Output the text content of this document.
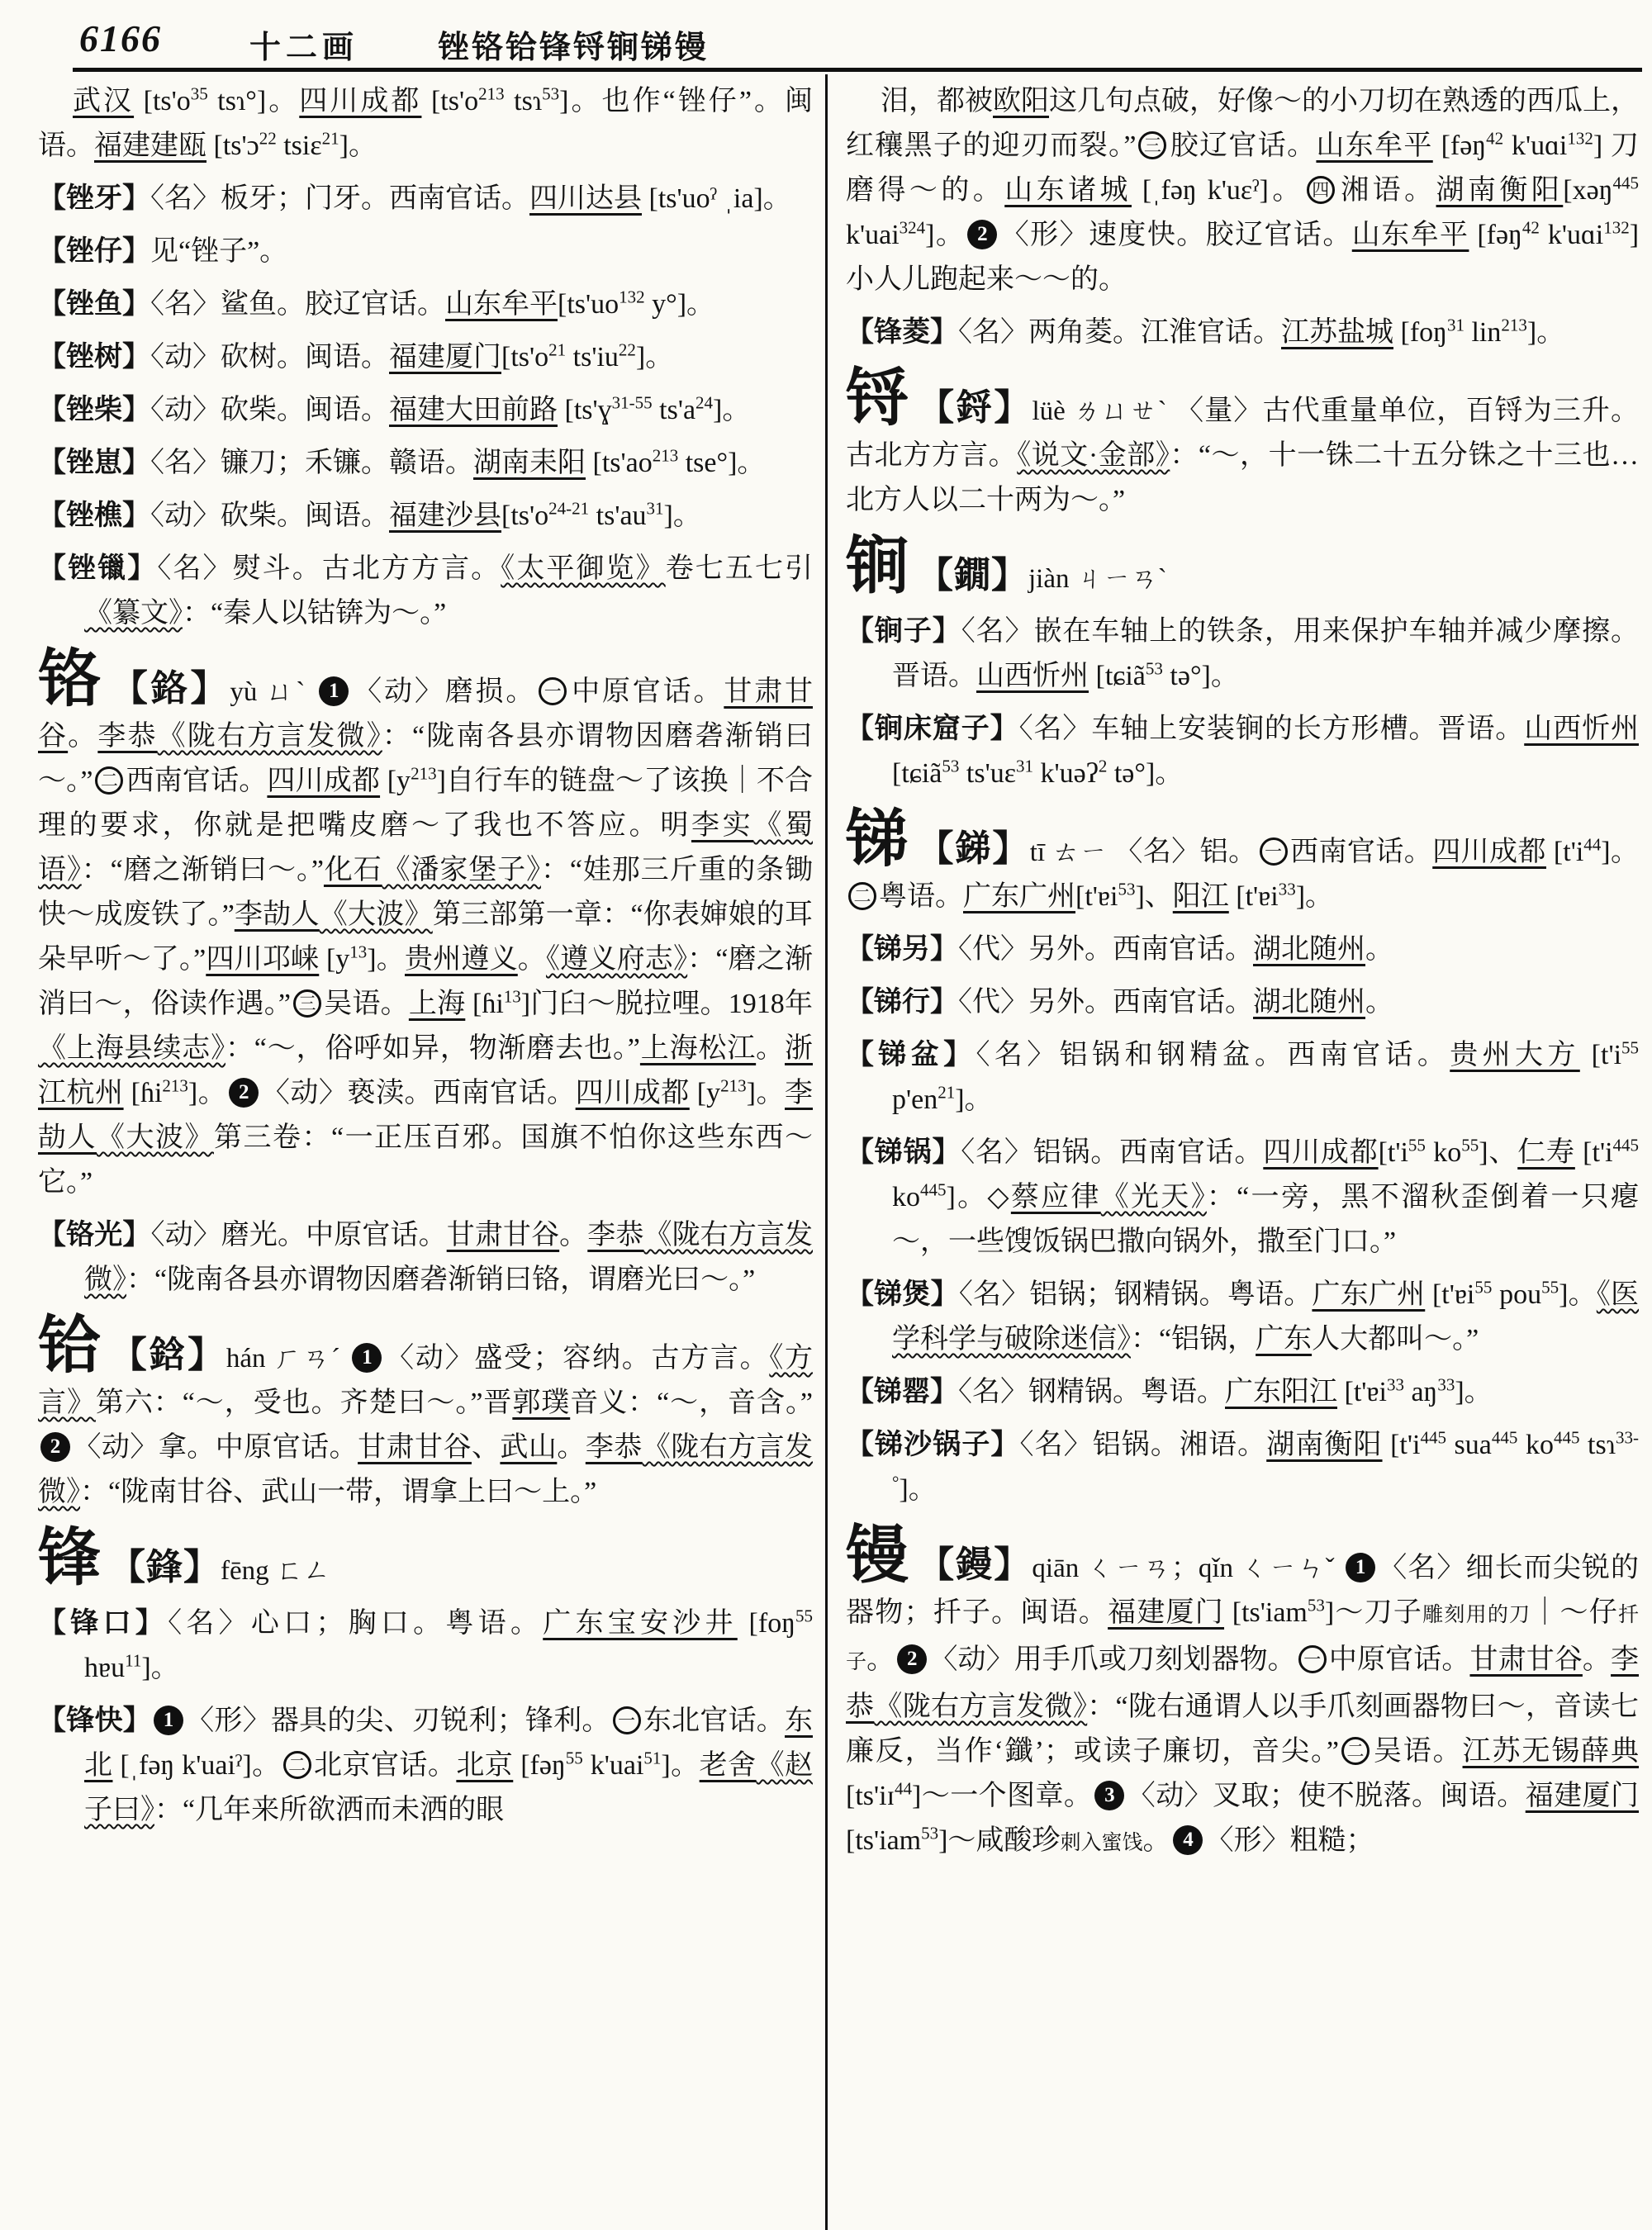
6166	十二画	锉铬铪锋锊锏锑镘

武汉 [$ts'o^{35}$ tsɿ°]。四川成都 [$ts'o^{213}$ tsɿ$^{53}$]。也作“锉仔”。闽语。福建建瓯 [ts'ɔ$^{22}$ tsiɛ$^{21}$]。

【锉牙】〈名〉板牙；门牙。西南官话。四川达县 [ts'uoˀ ˌia]。

【锉仔】见“锉子”。

【锉鱼】〈名〉鲨鱼。胶辽官话。山东牟平[$ts'uo^{132}$ y°]。

【锉树】〈动〉砍树。闽语。福建厦门[$ts'o^{21}$ $ts'iu^{22}$]。

【锉柴】〈动〉砍柴。闽语。福建大田前路 [ts'ɣ$^{31-55}$ $ts'a^{24}$]。

【锉崽】〈名〉镰刀；禾镰。赣语。湖南耒阳 [$ts'ao^{213}$ tse°]。

【锉樵】〈动〉砍柴。闽语。福建沙县[$ts'o^{24-21}$ $ts'au^{31}$]。

【锉镴】〈名〉熨斗。古北方方言。《太平御览》卷七五七引《纂文》：“秦人以钴锛为～。”

铬 【鉻】yù ㄩˋ 1 〈动〉磨损。 一 中原官话。甘肃甘谷。李恭《陇右方言发微》：“陇南各县亦谓物因磨砻渐销曰～。” 二 西南官话。四川成都 $[y^{213}]$自行车的链盘～了该换｜不合理的要求，你就是把嘴皮磨～了我也不答应。明李实《蜀语》：“磨之渐销曰～。”化石《潘家堡子》：“娃那三斤重的条锄快～成废铁了。”李劼人《大波》第三部第一章：“你表婶娘的耳朵早听～了。”四川邛崃 $[y^{13}]$。贵州遵义。《遵义府志》：“磨之渐消曰～，俗读作遇。” 三 吴语。上海 [ɦi$^{13}$]门臼～脱拉哩。1918年《上海县续志》：“～，俗呼如异，物渐磨去也。”上海松江。浙江杭州 [ɦi$^{213}$]。 2 〈动〉亵渎。西南官话。四川成都 $[y^{213}]$。李劼人《大波》第三卷：“一正压百邪。国旗不怕你这些东西～它。”

【铬光】〈动〉磨光。中原官话。甘肃甘谷。李恭《陇右方言发微》：“陇南各县亦谓物因磨砻渐销曰铬，谓磨光曰～。”

铪 【鋡】hán ㄏㄢˊ 1 〈动〉盛受；容纳。古方言。《方言》第六：“～，受也。齐楚曰～。”晋郭璞音义：“～，音含。”2 〈动〉拿。中原官话。甘肃甘谷、武山。李恭《陇右方言发微》：“陇南甘谷、武山一带，谓拿上曰～上。”

锋 【鋒】fēng ㄈㄥ

【锋口】〈名〉心口；胸口。粤语。广东宝安沙井 [foŋ$^{55}$ hɐu$^{11}$]。

【锋快】 1 〈形〉器具的尖、刃锐利；锋利。 一 东北官话。东北 [ˌfəŋ k'uaiˀ]。 二 北京官话。北京 [fəŋ$^{55}$ k'uai$^{51}$]。老舍《赵子曰》：“几年来所欲洒而未洒的眼

泪，都被欧阳这几句点破，好像～的小刀切在熟透的西瓜上，红穰黑子的迎刃而裂。” 三 胶辽官话。山东牟平 [fəŋ$^{42}$ k'uɑi$^{132}$] 刀磨得～的。山东诸城 [ˌfəŋ k'uɛˀ]。 四 湘语。湖南衡阳[xəŋ$^{445}$ k'uai$^{324}$]。 2 〈形〉速度快。胶辽官话。山东牟平 [fəŋ$^{42}$ k'uɑi$^{132}$]小人儿跑起来～～的。

【锋菱】〈名〉两角菱。江淮官话。江苏盐城 [foŋ$^{31}$ lin$^{213}$]。

锊 【鋝】lüè ㄌㄩㄝˋ 〈量〉古代重量单位，百锊为三升。古北方方言。《说文·金部》：“～，十一铢二十五分铢之十三也…北方人以二十两为～。”

锏 【鐗】jiàn ㄐㄧㄢˋ

【锏子】〈名〉嵌在车轴上的铁条，用来保护车轴并减少摩擦。晋语。山西忻州 [tɕiã$^{53}$ tə°]。

【锏床窟子】〈名〉车轴上安装锏的长方形槽。晋语。山西忻州 [tɕiã$^{53}$ ts'uɛ$^{31}$ k'uəʔ$^2$ tə°]。

锑 【銻】tī ㄊㄧ 〈名〉铝。 一 西南官话。四川成都 $[t'i^{44}]$。二 粤语。广东广州[t'ɐi$^{53}$]、阳江 [t'ɐi$^{33}$]。

【锑另】〈代〉另外。西南官话。湖北随州。

【锑行】〈代〉另外。西南官话。湖北随州。

【锑盆】〈名〉铝锅和钢精盆。西南官话。贵州大方 [$t'i^{55}$ $p'en^{21}$]。

【锑锅】〈名〉铝锅。西南官话。四川成都[$t'i^{55}$ $ko^{55}$]、仁寿 [$t'i^{445}$ $ko^{445}$]。◇蔡应律《光天》：“一旁，黑不溜秋歪倒着一只瘪～，一些馊饭锅巴撒向锅外，撒至门口。”

【锑煲】〈名〉铝锅；钢精锅。粤语。广东广州 [t'ɐi$^{55}$ pou$^{55}$]。《医学科学与破除迷信》：“铝锅，广东人大都叫～。”

【锑罂】〈名〉钢精锅。粤语。广东阳江 [t'ɐi$^{33}$ $aŋ^{33}$]。

【锑沙锅子】〈名〉铝锅。湘语。湖南衡阳 [$t'i^{445}$ sua$^{445}$ $ko^{445}$ tsɿ$^{33-^\circ}$]。

镘 【鏝】qiān ㄑㄧㄢ；qǐn ㄑㄧㄣˇ 1 〈名〉细长而尖锐的器物；扦子。闽语。福建厦门 [ts'iam$^{53}$]～刀子雕刻用的刀｜～仔扦子。 2 〈动〉用手爪或刀刻划器物。 一 中原官话。甘肃甘谷。李恭《陇右方言发微》：“陇右通谓人以手爪刻画器物曰～，音读七廉反，当作‘鑯’；或读子廉切，音尖。” 二 吴语。江苏无锡薛典 [ts'iɪ$^{44}$]～一个图章。 3 〈动〉叉取；使不脱落。闽语。福建厦门 [ts'iam$^{53}$]～咸酸珍刺入蜜饯。 4 〈形〉粗糙；
